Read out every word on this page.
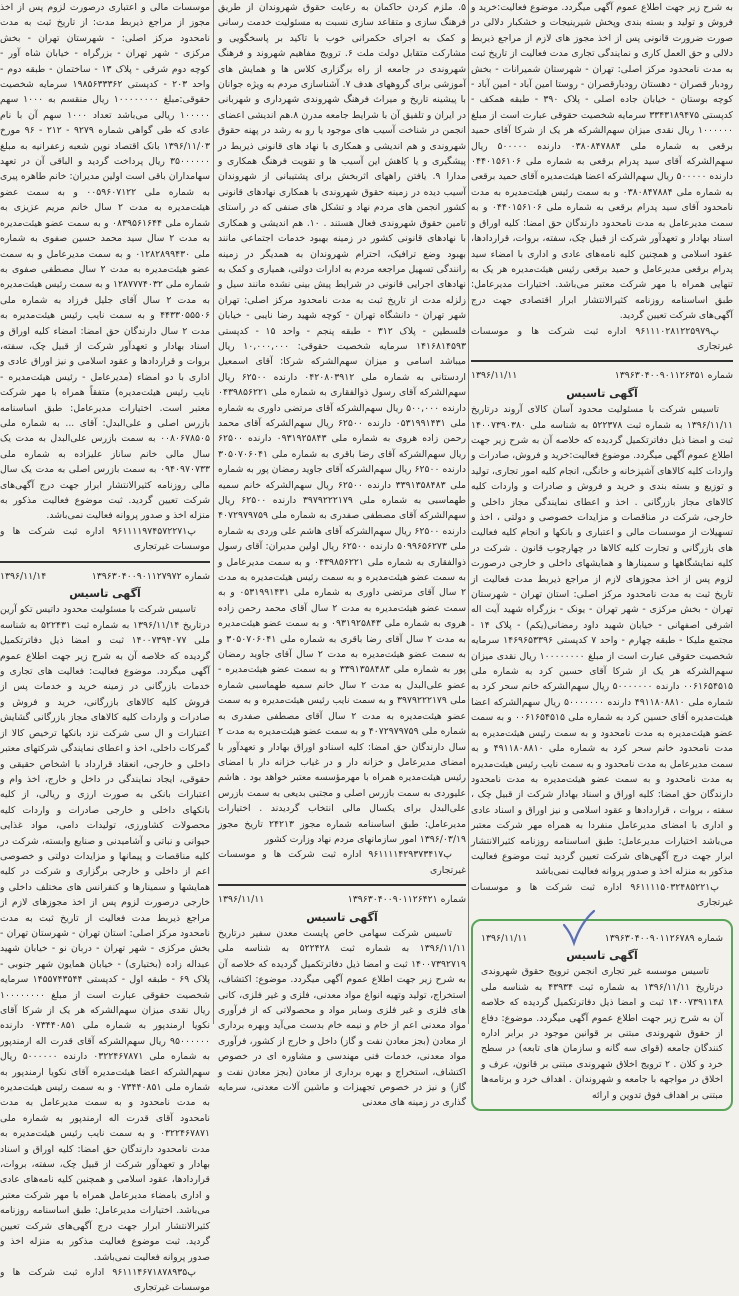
به شرح زیر جهت اطلاع عموم آگهی میگردد. موضوع فعالیت:خرید و فروش و تولید و بسته بندی وپخش شیرینیجات و خشکبار دلالی در صورت ضرورت قانونی پس از اخذ مجوز های لازم از مراجع ذیربط دلالی و حق العمل کاری و نمایندگی تجاری مدت فعالیت از تاریخ ثبت به مدت نامحدود مرکز اصلی: تهران - شهرستان شمیرانات - بخش رودبار قصران - دهستان رودبارقصران - روستا امین آباد - امین آباد - کوچه بوستان - خیابان جاده اصلی - پلاک ۳۹۰ - طبقه همکف - کدپستی ۳۳۴۳۱۸۹۴۷۵ سرمایه شخصیت حقوقی عبارت است از مبلغ ۱۰۰۰۰۰۰ ریال نقدی میزان سهم‌الشرکه هر یک از شرکا آقای حمید برقعی به شماره ملی ۰۳۸۰۸۴۷۸۸۴ دارنده ۵۰۰۰۰۰ ریال سهم‌الشرکه آقای سید پدرام برقعی به شماره ملی ۰۴۴۰۱۵۶۱۰۶ دارنده ۵۰۰۰۰۰ ریال سهم‌الشرکه اعضا هیئت‌مدیره آقای حمید برقعی به شماره ملی ۰۳۸۰۸۴۷۸۸۴ و به سمت رئیس هیئت‌مدیره به مدت نامحدود آقای سید پدرام برقعی به شماره ملی ۰۴۴۰۱۵۶۱۰۶ و به سمت مدیرعامل به مدت نامحدود دارندگان حق امضا: کلیه اوراق و اسناد بهادار و تعهدآور شرکت از قبیل چک، سفته، بروات، قراردادها، عقود اسلامی و همچنین کلیه نامه‌های عادی و اداری با امضاء سید پدرام برقعی مدیرعامل و حمید برقعی رئیس هیئت‌مدیره هر یک به تنهایی همراه با مهر شرکت معتبر می‌باشد. اختیارات مدیرعامل: طبق اساسنامه روزنامه کثیرالانتشار ابرار اقتصادی جهت درج آگهی‌های شرکت تعیین گردید.

پ۹۶۱۱۱۰۲۸۱۲۲۵۹۷۹ اداره ثبت شرکت ها و موسسات غیرتجاری

شماره ۱۳۹۶۳۰۴۰۰۹۰۱۱۲۶۳۵۱
۱۳۹۶/۱۱/۱۱
آگهی تاسیس

تاسیس شرکت با مسئولیت محدود آسان کالای آروند درتاریخ ۱۳۹۶/۱۱/۱۱ به شماره ثبت ۵۲۲۳۷۸ به شناسه ملی ۱۴۰۰۷۳۹۰۳۸۰ ثبت و امضا ذیل دفاترتکمیل گردیده که خلاصه آن به شرح زیر جهت اطلاع عموم آگهی میگردد. موضوع فعالیت:خرید و فروش، صادرات و واردات کلیه کالاهای آشپزخانه و خانگی، انجام کلیه امور تجاری، تولید و توزیع و بسته بندی و خرید و فروش و صادرات و واردات کلیه کالاهای مجاز بازرگانی . اخذ و اعطای نمایندگی مجاز داخلی و خارجی، شرکت در مناقصات و مزایدات خصوصی و دولتی ، اخذ و تسهیلات از موسسات مالی و اعتباری و بانکها و انجام کلیه فعالیت های بازرگانی و تجارت کلیه کالاها در چهارچوب قانون . شرکت در کلیه نمایشگاهها و سمینارها و همایشهای داخلی و خارجی درصورت لزوم پس از اخذ مجوزهای لازم از مراجع ذیربط مدت فعالیت از تاریخ ثبت به مدت نامحدود مرکز اصلی: استان تهران - شهرستان تهران - بخش مرکزی - شهر تهران - یونک - بزرگراه شهید آیت اله اشرفی اصفهانی - خیابان شهید داود رمضانی(یکم) - پلاک ۱۴ - مجتمع ملیکا - طبقه چهارم - واحد ۷ کدپستی ۱۴۶۹۶۵۳۳۹۶ سرمایه شخصیت حقوقی عبارت است از مبلغ ۱۰۰۰۰۰۰۰۰ ریال نقدی میزان سهم‌الشرکه هر یک از شرکا آقای حسین کرد به شماره ملی ۰۰۶۱۶۵۴۵۱۵ دارنده ۵۰۰۰۰۰۰۰ ریال سهم‌الشرکه خانم سحر کرد به شماره ملی ۴۹۱۱۸۰۸۸۱۰ دارنده ۵۰۰۰۰۰۰۰ ریال سهم‌الشرکه اعضا هیئت‌مدیره آقای حسین کرد به شماره ملی ۰۰۶۱۶۵۴۵۱۵ و به سمت عضو هیئت‌مدیره به مدت نامحدود و به سمت رئیس هیئت‌مدیره به مدت نامحدود خانم سحر کرد به شماره ملی ۴۹۱۱۸۰۸۸۱۰ و به سمت مدیرعامل به مدت نامحدود و به سمت نایب رئیس هیئت‌مدیره به مدت نامحدود و به سمت عضو هیئت‌مدیره به مدت نامحدود دارندگان حق امضا: کلیه اوراق و اسناد بهادار شرکت از قبیل چک ، سفته ، بروات ، قراردادها و عقود اسلامی و نیز اوراق و اسناد عادی و اداری با امضای مدیرعامل منفردا به همراه مهر شرکت معتبر می‌باشد اختیارات مدیرعامل: طبق اساسنامه روزنامه کثیرالانتشار ابرار جهت درج آگهی‌های شرکت تعیین گردید ثبت موضوع فعالیت مذکور به منزله اخذ و صدور پروانه فعالیت نمی‌باشد

پ۹۶۱۱۱۱۵۰۳۲۴۸۵۲۲۱ اداره ثبت شرکت ها و موسسات غیرتجاری

شماره ۱۳۹۶۳۰۴۰۰۹۰۱۱۲۶۷۸۹
۱۳۹۶/۱۱/۱۱
آگهی تاسیس

تاسیس موسسه غیر تجاری انجمن ترویج حقوق شهروندی درتاریخ ۱۳۹۶/۱۱/۱۱ به شماره ثبت ۴۳۹۳۴ به شناسه ملی ۱۴۰۰۷۳۹۱۱۴۸ ثبت و امضا ذیل دفاترتکمیل گردیده که خلاصه آن به شرح زیر جهت اطلاع عموم آگهی میگردد. موضوع: دفاع از حقوق شهروندی مبتنی بر قوانین موجود در برابر اداره کنندگان جامعه (قوای سه گانه و سازمان های تابعه) در سطح خرد و کلان . ۲ ترویج اخلاق شهروندی مبتنی بر قانون، عرف و اخلاق در مواجهه با جامعه و شهروندان . اهداف خرد و برنامه‌ها مبتنی بر اهداف فوق تدوین و ارائه

۵. ملزم کردن حاکمان به رعایت حقوق شهروندان از طریق فرهنگ سازی و متقاعد سازی نسبت به مسئولیت خدمت رسانی و کمک به اجرای حکمرانی خوب با تاکید بر پاسخگویی و مشارکت متقابل دولت ملت ۶. ترویج مفاهیم شهروند و فرهنگ شهروندی در جامعه از راه برگزاری کلاس ها و همایش های آموزشی برای گروههای هدف ۷. آشناسازی مردم به ویژه جوانان با پیشینه تاریخ و میراث فرهنگ شهروندی شهرداری و شهربانی در ایران و تلفیق آن با شرایط جامعه مدرن ۸.هم اندیشی اعضای انجمن در شناخت آسیب های موجود یا رو به رشد در پهنه حقوق شهروندی و هم اندیشی و همکاری با نهاد های قانونی ذیربط در پیشگیری و یا کاهش این آسیب ها و تقویت فرهنگ همکاری و مدارا ۹. یافتن راههای اثربخش برای پشتیبانی از شهروندان آسیب دیده در زمینه حقوق شهروندی با همکاری نهادهای قانونی کشور انجمن های مردم نهاد و تشکل های صنفی که در راستای تامین حقوق شهروندی فعال هستند . ۱۰. هم اندیشی و همکاری با نهادهای قانونی کشور در زمینه بهبود خدمات اجتماعی مانند بهبود وضع ترافیک، احترام شهروندان به همدیگر در زمینه رانندگی تسهیل مراجعه مردم به ادارات دولتی، همیاری و کمک به نهادهای اجرایی قانونی در شرایط پیش بینی نشده مانند سیل و زلزله مدت از تاریخ ثبت به مدت نامحدود مرکز اصلی: تهران شهر تهران - دانشگاه تهران - کوچه شهید رضا نایبی - خیابان فلسطین - پلاک ۳۱۲ - طبقه پنجم - واحد ۱۵ - کدپستی ۱۴۱۶۸۱۴۵۹۳ سرمایه شخصیت حقوقی: ۱۰,۰۰۰,۰۰۰ ریال میباشد اسامی و میزان سهم‌الشرکه شرکا: آقای اسمعیل اردستانی به شماره ملی ۰۴۲۰۸۰۳۹۱۲ دارنده ۶۲۵۰۰ ریال سهم‌الشرکه آقای رسول ذوالفقاری به شماره ملی ۰۴۳۹۸۵۶۲۲۱ دارنده ۵۰۰,۰۰۰ ریال سهم‌الشرکه آقای مرتضی داوری به شماره ملی ۰۵۳۱۹۹۱۴۳۱ دارنده ۶۲۵۰۰ ریال سهم‌الشرکه آقای محمد رحمن زاده هروی به شماره ملی ۰۹۳۱۹۲۵۸۴۳ دارنده ۶۲۵۰۰ ریال سهم‌الشرکه آقای رضا باقری به شماره ملی ۳۰۵۰۷۰۶۰۴۱ دارنده ۶۲۵۰۰ ریال سهم‌الشرکه آقای جاوید رمضان پور به شماره ملی ۳۳۹۱۳۵۸۴۸۳ دارنده ۶۲۵۰۰ ریال سهم‌الشرکه خانم سمیه طهماسبی به شماره ملی ۳۹۷۹۲۲۲۱۷۹ دارنده ۶۲۵۰۰ ریال سهم‌الشرکه آقای مصطفی صفدری به شماره ملی ۴۰۷۲۹۷۹۷۵۹ دارنده ۶۲۵۰۰ ریال سهم‌الشرکه آقای هاشم علی وردی به شماره ملی ۵۰۹۹۶۵۶۲۷۳ دارنده ۶۲۵۰۰ ریال اولین مدیران: آقای رسول ذوالفقاری به شماره ملی ۰۴۳۹۸۵۶۲۲۱ و به سمت مدیرعامل و به سمت عضو هیئت‌مدیره و به سمت رئیس هیئت‌مدیره به مدت ۲ سال آقای مرتضی داوری به شماره ملی ۰۵۳۱۹۹۱۴۳۱ و به سمت عضو هیئت‌مدیره به مدت ۲ سال آقای محمد رحمن زاده هروی به شماره ملی ۰۹۳۱۹۲۵۸۴۳ و به سمت عضو هیئت‌مدیره به مدت ۲ سال آقای رضا باقری به شماره ملی ۳۰۵۰۷۰۶۰۴۱ و به سمت عضو هیئت‌مدیره به مدت ۲ سال آقای جاوید رمضان پور به شماره ملی ۳۳۹۱۳۵۸۴۸۳ و به سمت عضو هیئت‌مدیره - عضو علی‌البدل به مدت ۲ سال خانم سمیه طهماسبی شماره ملی ۳۹۷۹۲۲۲۱۷۹ و به سمت نایب رئیس هیئت‌مدیره و به سمت عضو هیئت‌مدیره به مدت ۲ سال آقای مصطفی صفدری به شماره ملی ۴۰۷۲۹۷۹۷۵۹ و به سمت عضو هیئت‌مدیره به مدت ۲ سال دارندگان حق امضا: کلیه اسنادو اوراق بهادار و تعهدآور با امضای مدیرعامل و خزانه دار و در غیاب خزانه دار با امضای رئیس هیئت‌مدیره همراه با مهرمؤسسه معتبر خواهد بود . هاشم علیوردی به سمت بازرس اصلی و مجتبی بدیعی به سمت بازرس علی‌البدل برای یکسال مالی انتخاب گردیدند . اختیارات مدیرعامل: طبق اساسنامه شماره مجوز ۲۴۲۱۳ تاریخ مجوز ۱۳۹۶/۰۳/۱۹ امور سازمانهای مردم نهاد وزارت کشور

پ۹۶۱۱۱۱۴۲۹۳۷۳۴۱۷ اداره ثبت شرکت ها و موسسات غیرتجاری

شماره ۱۳۹۶۳۰۴۰۰۹۰۱۱۲۶۴۲۱
۱۳۹۶/۱۱/۱۱
آگهی تاسیس

تاسیس شرکت سهامی خاص پایست معدن سفیر درتاریخ ۱۳۹۶/۱۱/۱۱ به شماره ثبت ۵۲۲۴۲۸ به شناسه ملی ۱۴۰۰۷۳۹۲۷۱۹ ثبت و امضا ذیل دفاترتکمیل گردیده که خلاصه آن به شرح زیر جهت اطلاع عموم آگهی میگردد. موضوع: اکتشاف، استخراج، تولید وتهیه انواع مواد معدنی، فلزی و غیر فلزی، کانی های فلزی و غیر فلزی وسایر مواد و محصولاتی که از فرآوری مواد معدنی اعم از خام و نیمه خام بدست می‌آید وبهره برداری از معادن (بجز معادن نفت و گاز) داخل و خارج از کشور، فرآوری مواد معدنی، خدمات فنی مهندسی و مشاوره ای در خصوص اکتشاف، استخراج و بهره برداری از معادن (بجز معادن نفت و گاز) و نیز در خصوص تجهیزات و ماشین آلات معدنی، سرمایه گذاری در زمینه های معدنی

موسسات مالی و اعتباری درصورت لزوم پس از اخذ مجوز از مراجع ذیربط مدت: از تاریخ ثبت به مدت نامحدود مرکز اصلی: - شهرستان تهران - بخش مرکزی - شهر تهران - بزرگراه - خیابان شاه آور - کوچه دوم شرقی - پلاک ۱۳ - ساختمان - طبقه دوم - واحد ۲۰۳ - کدپستی ۱۹۸۵۶۳۳۳۶۲ سرمایه شخصیت حقوقی:مبلغ ۱۰۰۰۰۰۰۰۰ ریال منقسم به ۱۰۰۰ سهم ۱۰۰۰۰۰ ریالی می‌باشد تعداد ۱۰۰۰ سهم آن با نام عادی که طی گواهی شماره ۹۲۷۹ - ۲۱۲ - ۹۶ مورخ ۱۳۹۶/۱۱/۰۳ بانک اقتصاد نوین شعبه زعفرانیه به مبلغ ۳۵۰۰۰۰۰۰ ریال پرداخت گردید و الباقی آن در تعهد سهامداران باقی است اولین مدیران: خانم طاهره پیری به شماره ملی ۰۰۵۹۶۰۷۱۲۲ و به سمت عضو هیئت‌مدیره به مدت ۲ سال خانم مریم عزیزی به شماره ملی ۰۸۳۹۵۶۱۶۴۴ و به سمت عضو هیئت‌مدیره به مدت ۲ سال سید محمد حسین صفوی به شماره ملی ۰۱۲۸۲۸۹۹۴۳۰ و به سمت مدیرعامل و به سمت عضو هیئت‌مدیره به مدت ۲ سال مصطفی صفوی به شماره ملی ۱۲۸۷۷۷۴۰۳۲ و به سمت رئیس هیئت‌مدیره به مدت ۲ سال آقای جلیل فرزاد به شماره ملی ۴۴۳۳۰۵۵۵۰۶ و به سمت نایب رئیس هیئت‌مدیره به مدت ۲ سال دارندگان حق امضا: امضاء کلیه اوراق و اسناد بهادار و تعهدآور شرکت از قبیل چک، سفته، بروات و قراردادها و عقود اسلامی و نیز اوراق عادی و اداری با دو امضاء (مدیرعامل - رئیس هیئت‌مدیره - نایب رئیس هیئت‌مدیره) متفقاً همراه با مهر شرکت معتبر است. اختیارات مدیرعامل: طبق اساسنامه بازرس اصلی و علی‌البدل: آقای ... به شماره ملی ۰۰۸۰۶۷۸۵۰۵ به سمت بازرس علی‌البدل به مدت یک سال مالی خانم ساناز علیزاده به شماره ملی ۰۹۴۰۹۷۰۷۳۳ به سمت بازرس اصلی به مدت یک سال مالی روزنامه کثیرالانتشار ابرار جهت درج آگهی‌های شرکت تعیین گردید. ثبت موضوع فعالیت مذکور به منزله اخذ و صدور پروانه فعالیت نمی‌باشد.

پ۹۶۱۱۱۱۹۷۴۵۷۲۲۷۱ اداره ثبت شرکت ها و موسسات غیرتجاری

شماره ۱۳۹۶۳۰۴۰۰۹۰۱۱۲۷۹۷۲
۱۳۹۶/۱۱/۱۴
آگهی تاسیس

تاسیس شرکت با مسئولیت محدود داتیس تکو آرین درتاریخ ۱۳۹۶/۱۱/۱۴ به شماره ثبت ۵۲۲۴۳۱ به شناسه ملی ۱۴۰۰۷۳۹۴۰۷۷ ثبت و امضا ذیل دفاترتکمیل گردیده که خلاصه آن به شرح زیر جهت اطلاع عموم آگهی میگردد. موضوع فعالیت: فعالیت های تجاری و خدمات بازرگانی در زمینه خرید و خدمات پس از فروش کلیه کالاهای بازرگانی، خرید و فروش و صادرات و واردات کلیه کالاهای مجاز بازرگانی گشایش اعتبارات و ال سی شرکت نزد بانکها ترخیص کالا از گمرکات داخلی، اخذ و اعطای نمایندگی شرکتهای معتبر داخلی و خارجی، انعقاد قرارداد با اشخاص حقیقی و حقوقی، ایجاد نمایندگی در داخل و خارج، اخذ وام و اعتبارات بانکی به صورت ارزی و ریالی، از کلیه بانکهای داخلی و خارجی صادرات و واردات کلیه محصولات کشاورزی، تولیدات دامی، مواد غذایی حیوانی و نباتی و آشامیدنی و صنایع وابسته، شرکت در کلیه مناقصات و پیمانها و مزایدات دولتی و خصوصی اعم از داخلی و خارجی برگزاری و شرکت در کلیه همایشها و سمینارها و کنفرانس های مختلف داخلی و خارجی درصورت لزوم پس از اخذ مجوزهای لازم از مراجع ذیربط مدت فعالیت از تاریخ ثبت به مدت نامحدود مرکز اصلی: استان تهران - شهرستان تهران - بخش مرکزی - شهر تهران - دربان نو - خیابان شهید عبداله زاده (بختیاری) - خیابان همایون شهر جنوبی - پلاک ۶۹ - طبقه اول - کدپستی ۱۴۵۵۷۴۳۵۴۴ سرمایه شخصیت حقوقی عبارت است از مبلغ ۱۰۰۰۰۰۰۰۰ ریال نقدی میزان سهم‌الشرکه هر یک از شرکا آقای نکویا ارمندپور به شماره ملی ۰۷۳۴۴۰۸۵۱ دارنده ۹۵۰۰۰۰۰۰ ریال سهم‌الشرکه آقای قدرت اله ارمندپور به شماره ملی ۰۳۲۲۴۶۷۸۷۱ دارنده ۵۰۰۰۰۰۰ ریال سهم‌الشرکه اعضا هیئت‌مدیره آقای نکویا ارمندپور به شماره ملی ۰۷۳۴۴۰۸۵۱ و به سمت رئیس هیئت‌مدیره به مدت نامحدود و به سمت مدیرعامل به مدت نامحدود آقای قدرت اله ارمندپور به شماره ملی ۰۳۲۲۴۶۷۸۷۱ و به سمت نایب رئیس هیئت‌مدیره به مدت نامحدود دارندگان حق امضا: کلیه اوراق و اسناد بهادار و تعهدآور شرکت از قبیل چک، سفته، بروات، قراردادها، عقود اسلامی و همچنین کلیه نامه‌های عادی و اداری بامضاء مدیرعامل همراه با مهر شرکت معتبر می‌باشد. اختیارات مدیرعامل: طبق اساسنامه روزنامه کثیرالانتشار ابرار جهت درج آگهی‌های شرکت تعیین گردید. ثبت موضوع فعالیت مذکور به منزله اخذ و صدور پروانه فعالیت نمی‌باشد.

پ۹۶۱۱۱۴۶۷۱۸۷۸۹۳۵ اداره ثبت شرکت ها و موسسات غیرتجاری
